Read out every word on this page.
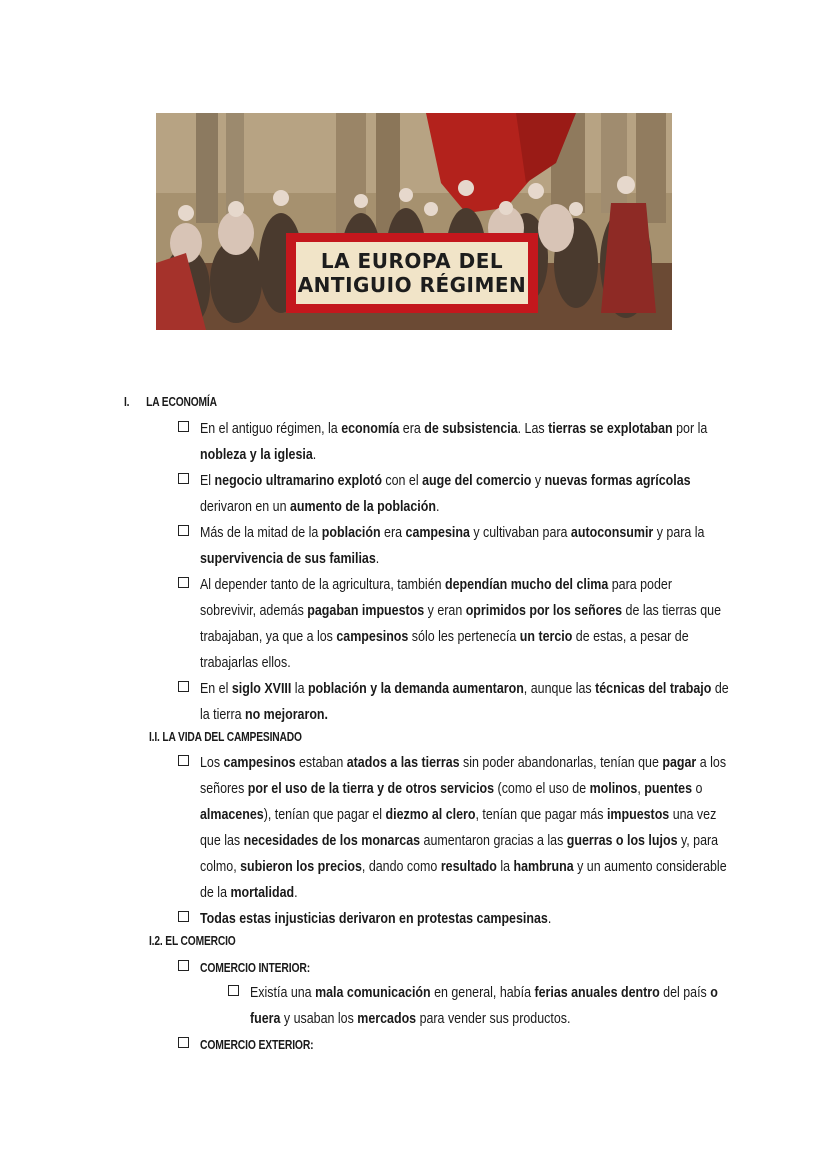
LA EUROPA DEL
ANTIGUIO RÉGIMEN
I. LA ECONOMÍA
En el antiguo régimen, la economía era de subsistencia. Las tierras se explotaban por la nobleza y la iglesia.
El negocio ultramarino explotó con el auge del comercio y nuevas formas agrícolas derivaron en un aumento de la población.
Más de la mitad de la población era campesina y cultivaban para autoconsumir y para la supervivencia de sus familias.
Al depender tanto de la agricultura, también dependían mucho del clima para poder sobrevivir, además pagaban impuestos y eran oprimidos por los señores de las tierras que trabajaban, ya que a los campesinos sólo les pertenecía un tercio de estas, a pesar de trabajarlas ellos.
En el siglo XVIII la población y la demanda aumentaron, aunque las técnicas del trabajo de la tierra no mejoraron.
I.I. LA VIDA DEL CAMPESINADO
Los campesinos estaban atados a las tierras sin poder abandonarlas, tenían que pagar a los señores por el uso de la tierra y de otros servicios (como el uso de molinos, puentes o almacenes), tenían que pagar el diezmo al clero, tenían que pagar más impuestos una vez que las necesidades de los monarcas aumentaron gracias a las guerras o los lujos y, para colmo, subieron los precios, dando como resultado la hambruna y un aumento considerable de la mortalidad.
Todas estas injusticias derivaron en protestas campesinas.
I.2. EL COMERCIO
COMERCIO INTERIOR:
Existía una mala comunicación en general, había ferias anuales dentro del país o fuera y usaban los mercados para vender sus productos.
COMERCIO EXTERIOR:
